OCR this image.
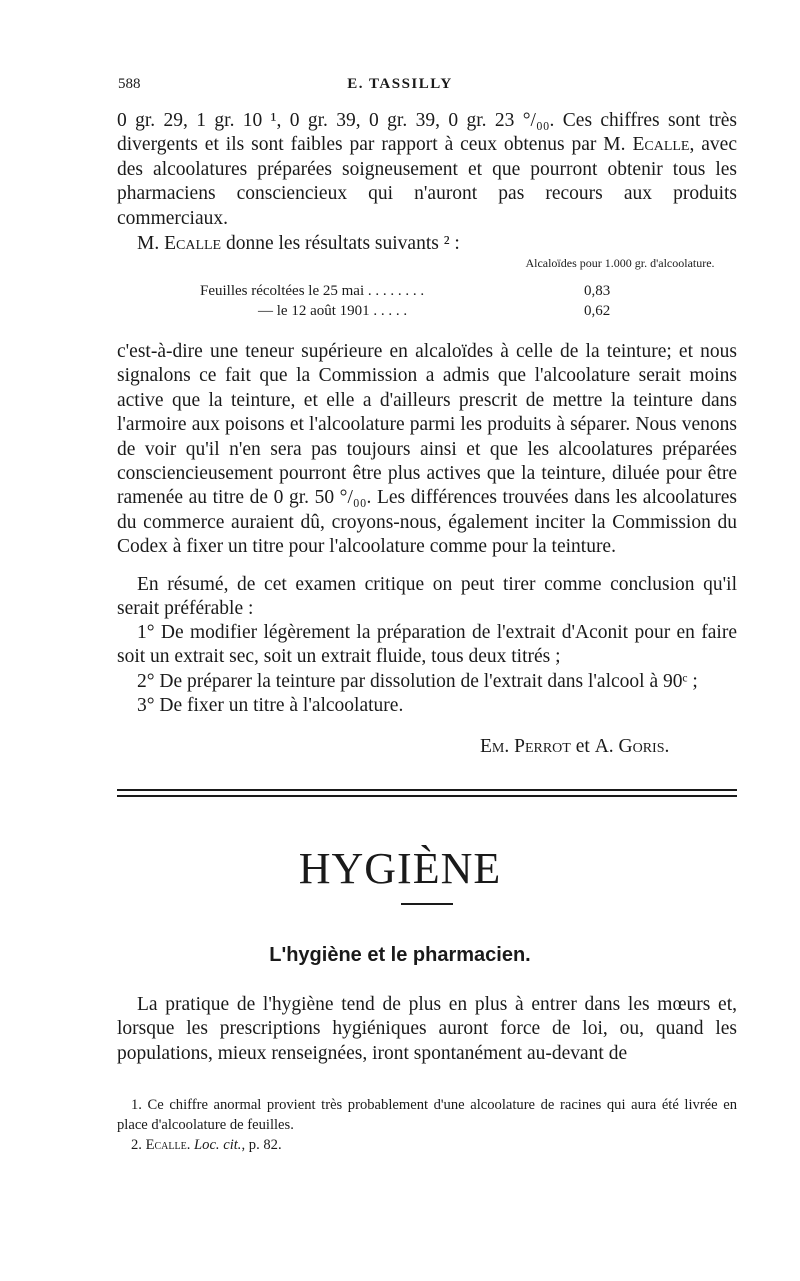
588	E. TASSILLY

0 gr. 29, 1 gr. 10 ¹, 0 gr. 39, 0 gr. 39, 0 gr. 23 °/₀₀. Ces chiffres sont très divergents et ils sont faibles par rapport à ceux obtenus par M. Ecalle, avec des alcoolatures préparées soigneusement et que pourront obtenir tous les pharmaciens consciencieux qui n'auront pas recours aux produits commerciaux.

M. Ecalle donne les résultats suivants ² :

Alcaloïdes pour 1.000 gr. d'alcoolature.
Feuilles récoltées le 25 mai . . . . . . . .	0,83
— le 12 août 1901 . . . . .	0,62

c'est-à-dire une teneur supérieure en alcaloïdes à celle de la teinture; et nous signalons ce fait que la Commission a admis que l'alcoolature serait moins active que la teinture, et elle a d'ailleurs prescrit de mettre la teinture dans l'armoire aux poisons et l'alcoolature parmi les produits à séparer. Nous venons de voir qu'il n'en sera pas toujours ainsi et que les alcoolatures préparées consciencieusement pourront être plus actives que la teinture, diluée pour être ramenée au titre de 0 gr. 50 °/₀₀. Les différences trouvées dans les alcoolatures du commerce auraient dû, croyons-nous, également inciter la Commission du Codex à fixer un titre pour l'alcoolature comme pour la teinture.

En résumé, de cet examen critique on peut tirer comme conclusion qu'il serait préférable :

1° De modifier légèrement la préparation de l'extrait d'Aconit pour en faire soit un extrait sec, soit un extrait fluide, tous deux titrés ;

2° De préparer la teinture par dissolution de l'extrait dans l'alcool à 90ᶜ ;

3° De fixer un titre à l'alcoolature.

Em. Perrot et A. Goris.
HYGIÈNE
L'hygiène et le pharmacien.

La pratique de l'hygiène tend de plus en plus à entrer dans les mœurs et, lorsque les prescriptions hygiéniques auront force de loi, ou, quand les populations, mieux renseignées, iront spontanément au-devant de

1. Ce chiffre anormal provient très probablement d'une alcoolature de racines qui aura été livrée en place d'alcoolature de feuilles.

2. Ecalle. Loc. cit., p. 82.
